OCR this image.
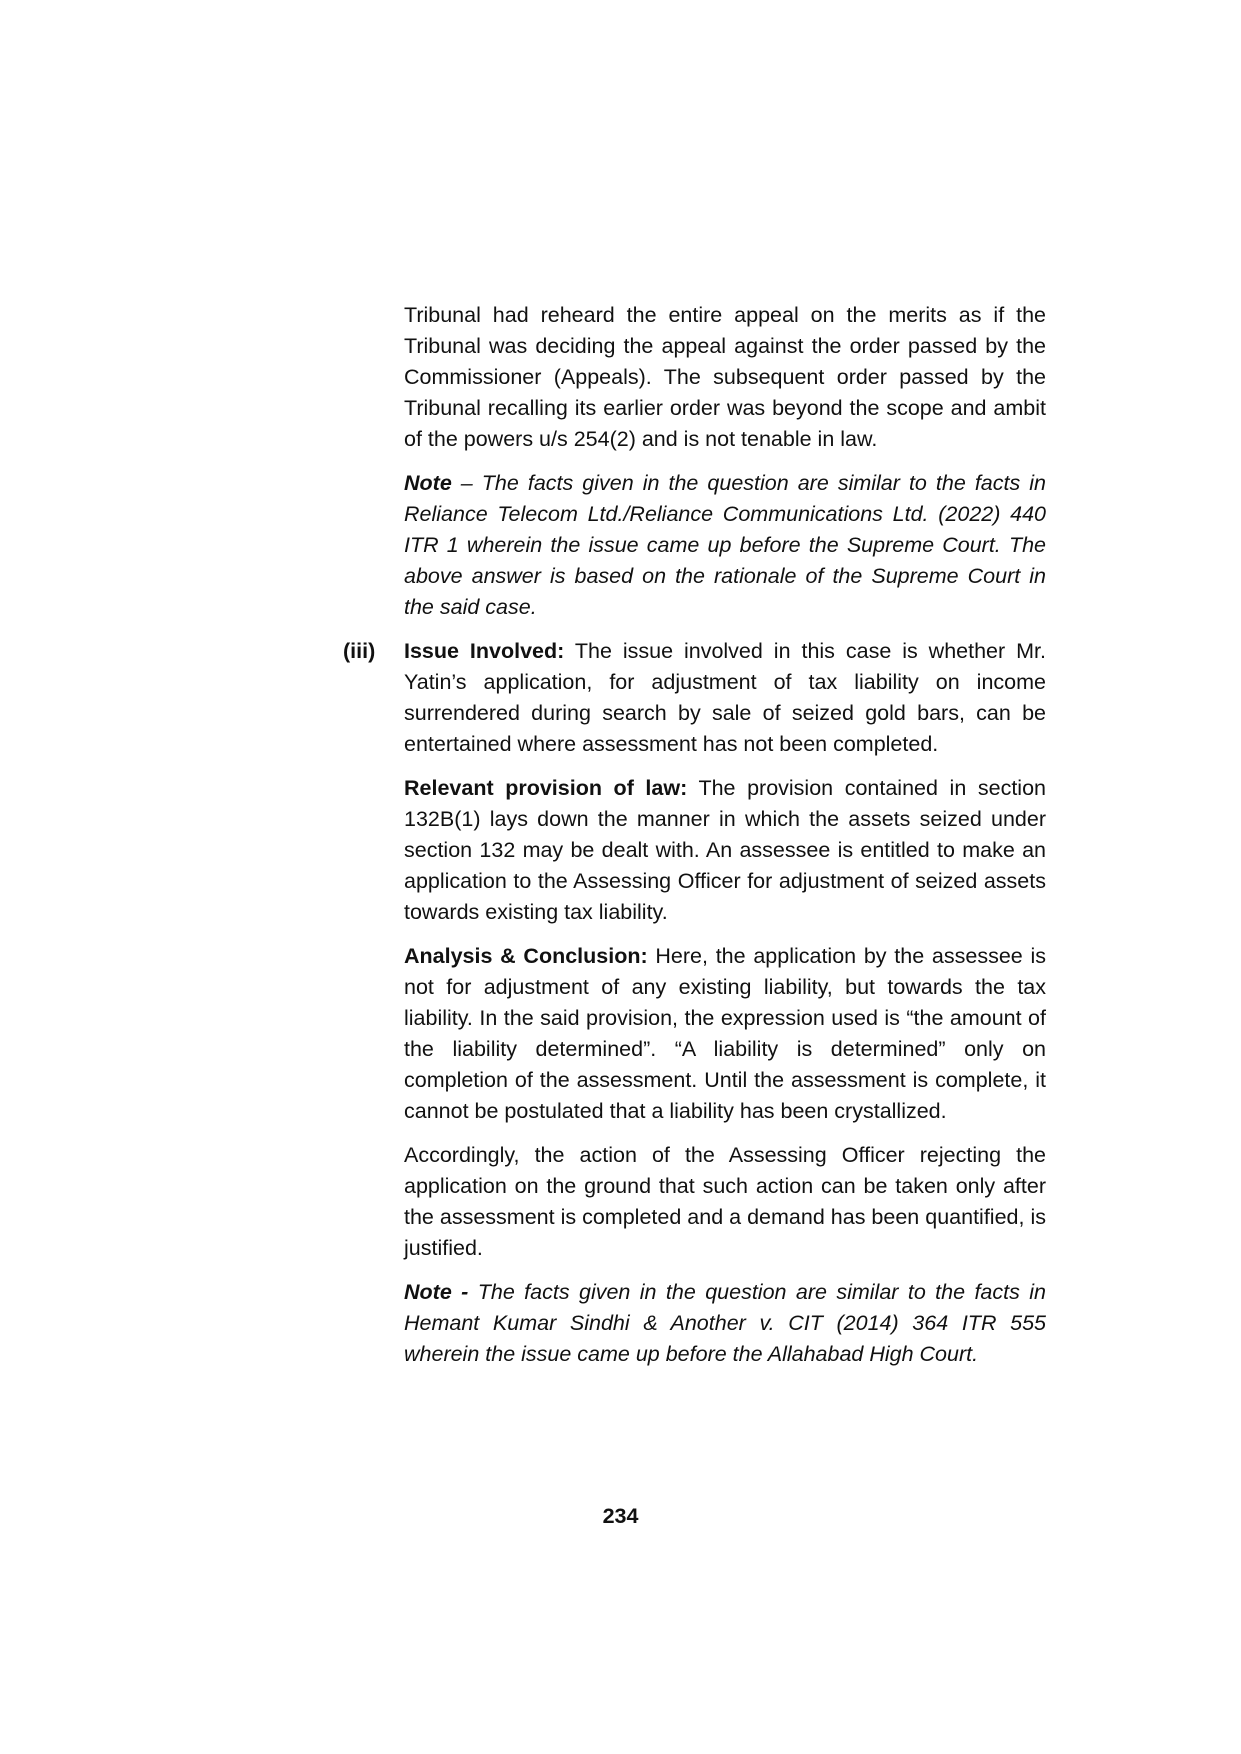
Tribunal had reheard the entire appeal on the merits as if the Tribunal was deciding the appeal against the order passed by the Commissioner (Appeals). The subsequent order passed by the Tribunal recalling its earlier order was beyond the scope and ambit of the powers u/s 254(2) and is not tenable in law.

Note – The facts given in the question are similar to the facts in Reliance Telecom Ltd./Reliance Communications Ltd. (2022) 440 ITR 1 wherein the issue came up before the Supreme Court. The above answer is based on the rationale of the Supreme Court in the said case.

(iii) Issue Involved: The issue involved in this case is whether Mr. Yatin’s application, for adjustment of tax liability on income surrendered during search by sale of seized gold bars, can be entertained where assessment has not been completed.

Relevant provision of law: The provision contained in section 132B(1) lays down the manner in which the assets seized under section 132 may be dealt with. An assessee is entitled to make an application to the Assessing Officer for adjustment of seized assets towards existing tax liability.

Analysis & Conclusion: Here, the application by the assessee is not for adjustment of any existing liability, but towards the tax liability. In the said provision, the expression used is “the amount of the liability determined”. “A liability is determined” only on completion of the assessment. Until the assessment is complete, it cannot be postulated that a liability has been crystallized.

Accordingly, the action of the Assessing Officer rejecting the application on the ground that such action can be taken only after the assessment is completed and a demand has been quantified, is justified.

Note - The facts given in the question are similar to the facts in Hemant Kumar Sindhi & Another v. CIT (2014) 364 ITR 555 wherein the issue came up before the Allahabad High Court.

234
